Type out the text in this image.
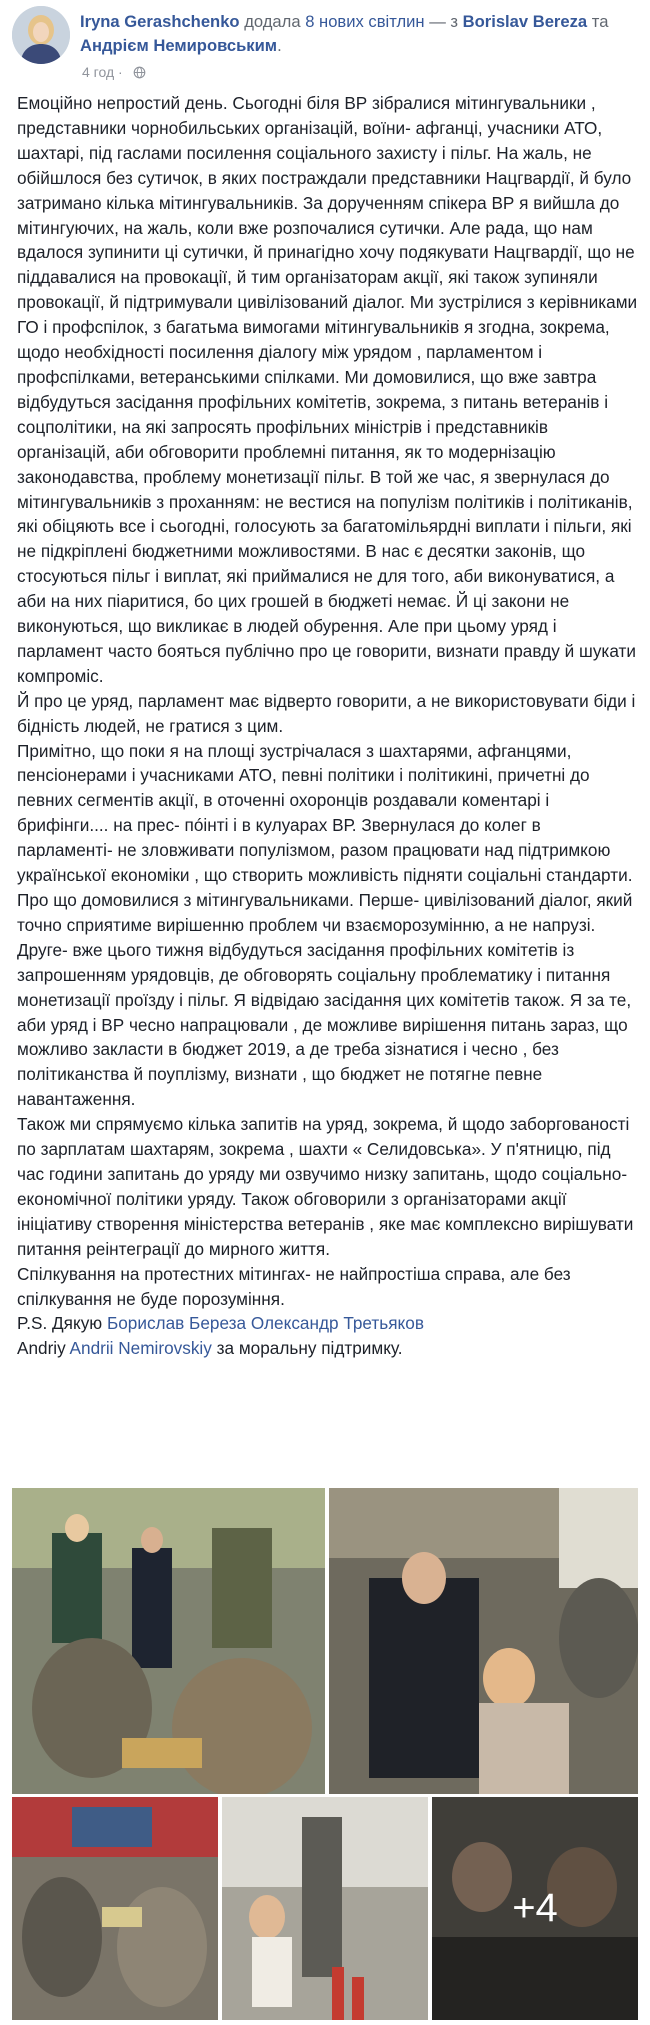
Iryna Gerashchenko додала 8 нових світлин — з Borislav Bereza та Андрієм Немировським.
4 год ·

Емоційно непростий день. Сьогодні біля ВР зібралися мітингувальники , представники чорнобильських організацій, воїни- афганці, учасники АТО, шахтарі, під гаслами посилення соціального захисту і пільг. На жаль, не обійшлося без сутичок, в яких постраждали представники Нацгвардії, й було затримано кілька мітингувальників. За дорученням спікера ВР я вийшла до мітингуючих, на жаль, коли вже розпочалися сутички. Але рада, що нам вдалося зупинити ці сутички, й принагідно хочу подякувати Нацгвардії, що не піддавалися на провокації, й тим організаторам акції, які також зупиняли провокації, й підтримували цивілізований діалог. Ми зустрілися з керівниками ГО і профспілок, з багатьма вимогами мітингувальників я згодна, зокрема, щодо необхідності посилення діалогу між урядом , парламентом і профспілками, ветеранськими спілками. Ми домовилися, що вже завтра відбудуться засідання профільних комітетів, зокрема, з питань ветеранів і соцполітики, на які запросять профільних міністрів і представників організацій, аби обговорити проблемні питання, як то модернізацію законодавства, проблему монетизації пільг. В той же час, я звернулася до мітингувальників з проханням: не вестися на популізм політиків і політиканів, які обіцяють все і сьогодні, голосують за багатомільярдні виплати і пільги, які не підкріплені бюджетними можливостями. В нас є десятки законів, що стосуються пільг і виплат, які приймалися не для того, аби виконуватися, а аби на них піаритися, бо цих грошей в бюджеті немає. Й ці закони не виконуються, що викликає в людей обурення. Але при цьому уряд і парламент часто бояться публічно про це говорити, визнати правду й шукати компроміс.

Й про це уряд, парламент має відверто говорити, а не використовувати біди і бідність людей, не гратися з цим.

Примітно, що поки я на площі зустрічалася з шахтарями, афганцями, пенсіонерами і учасниками АТО, певні політики і політикині, причетні до певних сегментів акції, в оточенні охоронців роздавали коментарі і брифінги.... на прес- пóінті і в кулуарах ВР. Звернулася до колег в парламенті- не зловживати популізмом, разом працювати над підтримкою української економіки , що створить можливість підняти соціальні стандарти.

Про що домовилися з мітингувальниками. Перше- цивілізований діалог, який точно сприятиме вирішенню проблем чи взаєморозумінню, а не напрузі.

Друге- вже цього тижня відбудуться засідання профільних комітетів із запрошенням урядовців, де обговорять соціальну проблематику і питання монетизації проїзду і пільг. Я відвідаю засідання цих комітетів також. Я за те, аби уряд і ВР чесно напрацювали , де можливе вирішення питань зараз, що можливо закласти в бюджет 2019, а де треба зізнатися і чесно , без політиканства й поуплізму, визнати , що бюджет не потягне певне навантаження.

Також ми спрямуємо кілька запитів на уряд, зокрема, й щодо заборгованості по зарплатам шахтарям, зокрема , шахти « Селидовська». У п'ятницю, під час години запитань до уряду ми озвучимо низку запитань, щодо соціально- економічної політики уряду. Також обговорили з організаторами акції ініціативу створення міністерства ветеранів , яке має комплексно вирішувати питання реінтеграції до мирного життя.

Спілкування на протестних мітингах- не найпростіша справа, але без спілкування не буде порозуміння.

P.S. Дякую Борислав Береза Олександр Третьяков

Andriy Andrii Nemirovskiy за моральну підтримку.

+4
